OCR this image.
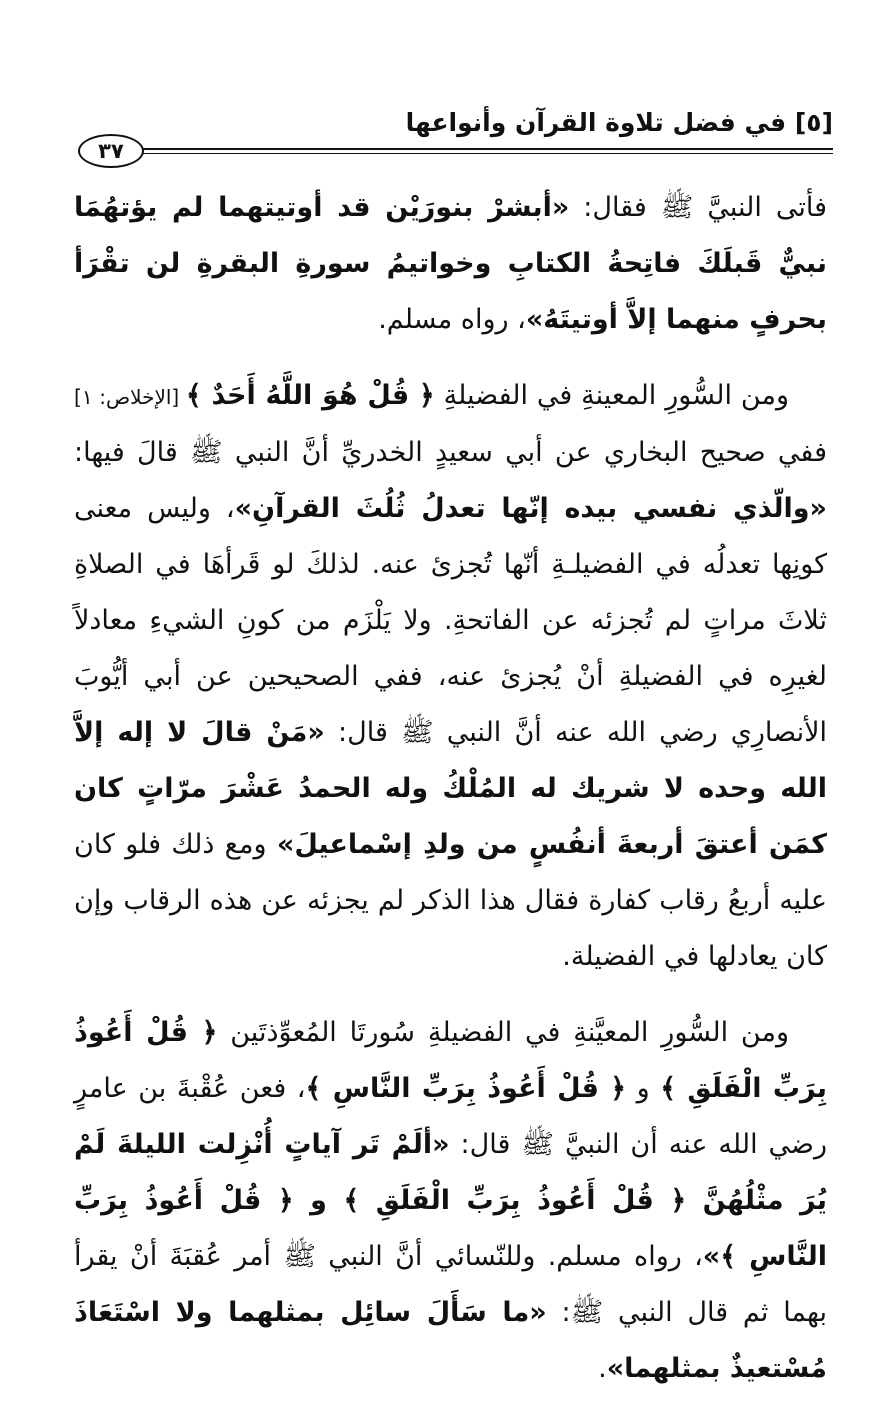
[٥] في فضل تلاوة القرآن وأنواعها
٣٧

فأتى النبيَّ ﷺ فقال: «أبشرْ بنورَيْن قد أوتيتهما لم يؤتهُمَا نبيٌّ قَبلَكَ فاتِحةُ الكتابِ وخواتيمُ سورةِ البقرةِ لن تقْرَأ بحرفٍ منهما إلاَّ أوتيتَهُ»، رواه مسلم.

ومن السُّورِ المعينةِ في الفضيلةِ ﴿ قُلْ هُوَ اللَّهُ أَحَدٌ ﴾ [الإخلاص: ١] ففي صحيح البخاري عن أبي سعيدٍ الخدريِّ أنَّ النبي ﷺ قالَ فيها: «والّذي نفسي بيده إنّها تعدلُ ثُلُثَ القرآنِ»، وليس معنى كونِها تعدلُه في الفضيلـةِ أنّها تُجزئ عنه. لذلكَ لو قَرأهَا في الصلاةِ ثلاثَ مراتٍ لم تُجزئه عن الفاتحةِ. ولا يَلْزَم من كونِ الشيءِ معادلاً لغيرِه في الفضيلةِ أنْ يُجزئ عنه، ففي الصحيحين عن أبي أيُّوبَ الأنصارِي رضي الله عنه أنَّ النبي ﷺ قال: «مَنْ قالَ لا إله إلاَّ الله وحده لا شريك له المُلْكُ وله الحمدُ عَشْرَ مرّاتٍ كان كمَن أعتقَ أربعةَ أنفُسٍ من ولدِ إسْماعيلَ» ومع ذلك فلو كان عليه أربعُ رقاب كفارة فقال هذا الذكر لم يجزئه عن هذه الرقاب وإن كان يعادلها في الفضيلة.

ومن السُّورِ المعيَّنةِ في الفضيلةِ سُورتَا المُعوِّذتَين ﴿ قُلْ أَعُوذُ بِرَبِّ الْفَلَقِ ﴾ و ﴿ قُلْ أَعُوذُ بِرَبِّ النَّاسِ ﴾، فعن عُقْبةَ بن عامرٍ رضي الله عنه أن النبيَّ ﷺ قال: «ألَمْ تَر آياتٍ أُنْزِلت الليلةَ لَمْ يُرَ مثْلُهُنَّ ﴿ قُلْ أَعُوذُ بِرَبِّ الْفَلَقِ ﴾ و ﴿ قُلْ أَعُوذُ بِرَبِّ النَّاسِ ﴾»، رواه مسلم. وللنّسائي أنَّ النبي ﷺ أمر عُقبَةَ أنْ يقرأ بهما ثم قال النبي ﷺ: «ما سَأَلَ سائِل بمثلهما ولا اسْتَعَاذَ مُسْتعيذٌ بمثلهما».
